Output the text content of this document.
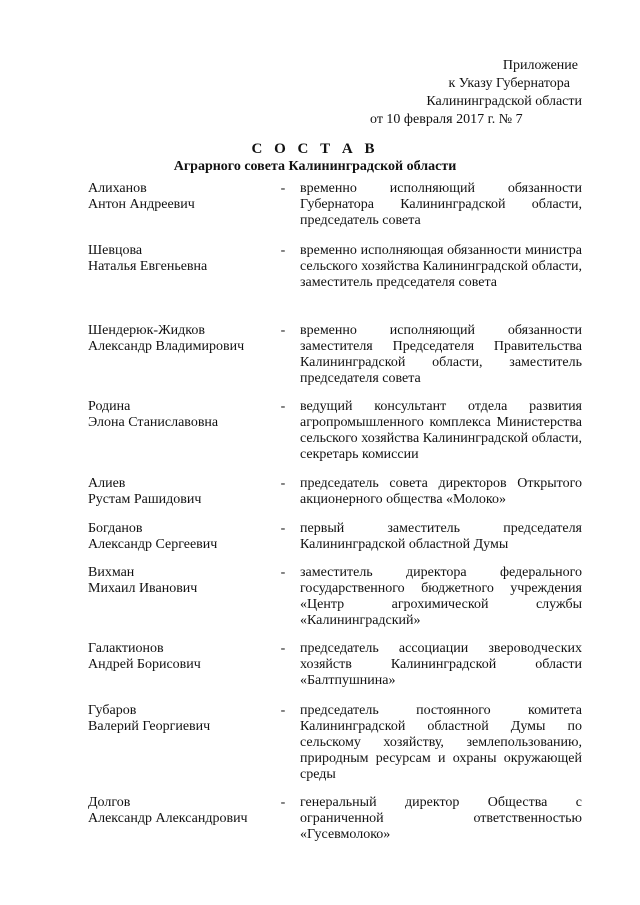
Приложение
к Указу Губернатора
Калининградской области
от 10 февраля 2017 г. № 7
С О С Т А В
Аграрного совета Калининградской области
Алиханов
Антон Андреевич
- временно исполняющий обязанности Губернатора Калининградской области, председатель совета
Шевцова
Наталья Евгеньевна
- временно исполняющая обязанности министра сельского хозяйства Калининградской области, заместитель председателя совета
Шендерюк-Жидков
Александр Владимирович
- временно исполняющий обязанности заместителя Председателя Правительства Калининградской области, заместитель председателя совета
Родина
Элона Станиславовна
- ведущий консультант отдела развития агропромышленного комплекса Министерства сельского хозяйства Калининградской области, секретарь комиссии
Алиев
Рустам Рашидович
- председатель совета директоров Открытого акционерного общества «Молоко»
Богданов
Александр Сергеевич
- первый заместитель председателя Калининградской областной Думы
Вихман
Михаил Иванович
- заместитель директора федерального государственного бюджетного учреждения «Центр агрохимической службы «Калининградский»
Галактионов
Андрей Борисович
- председатель ассоциации звероводческих хозяйств Калининградской области «Балтпушнина»
Губаров
Валерий Георгиевич
- председатель постоянного комитета Калининградской областной Думы по сельскому хозяйству, землепользованию, природным ресурсам и охраны окружающей среды
Долгов
Александр Александрович
- генеральный директор Общества с ограниченной ответственностью «Гусевмолоко»
